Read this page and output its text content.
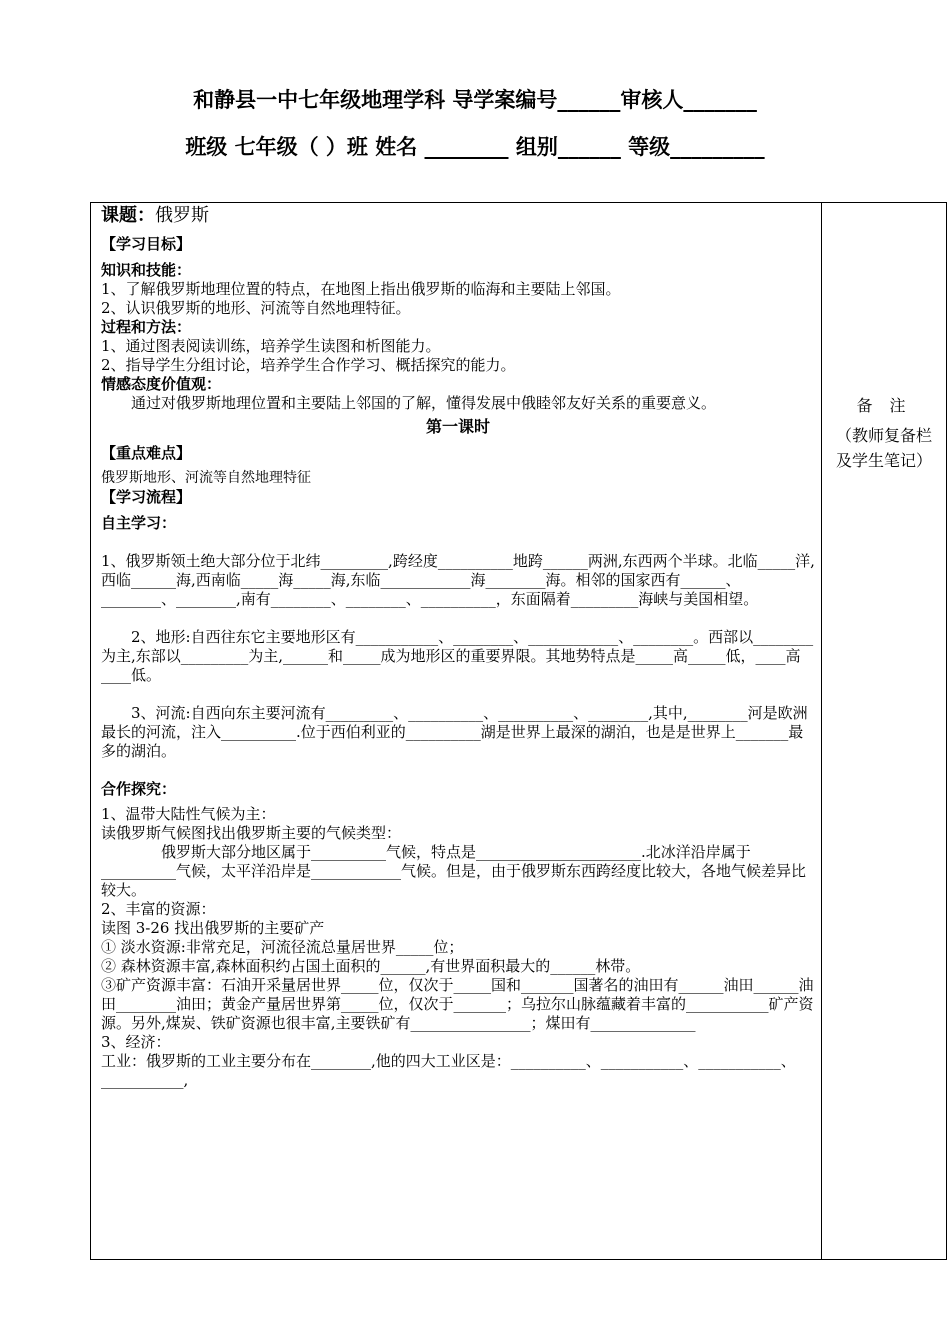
和静县一中七年级地理学科 导学案编号______审核人_______
班级 七年级（ ）班 姓名 ________ 组别______ 等级_________

课题：俄罗斯

【学习目标】

知识和技能：

1、了解俄罗斯地理位置的特点，在地图上指出俄罗斯的临海和主要陆上邻国。

2、认识俄罗斯的地形、河流等自然地理特征。

过程和方法：

1、通过图表阅读训练，培养学生读图和析图能力。

2、指导学生分组讨论，培养学生合作学习、概括探究的能力。

情感态度价值观：

通过对俄罗斯地理位置和主要陆上邻国的了解，懂得发展中俄睦邻友好关系的重要意义。

第一课时

【重点难点】

俄罗斯地形、河流等自然地理特征

【学习流程】

自主学习：

1、俄罗斯领土绝大部分位于北纬_________,跨经度__________地跨______两洲,东西两个半球。北临_____洋,西临______海,西南临_____海_____海,东临____________海________海。相邻的国家西有______、________、________,南有________、________、__________，东面隔着_________海峡与美国相望。

2、地形:自西往东它主要地形区有___________、________、____________、________。西部以________为主,东部以_________为主,______和_____成为地形区的重要界限。其地势特点是_____高_____低，____高____低。

3、河流:自西向东主要河流有_________、__________、__________、________,其中,________河是欧洲最长的河流，注入__________.位于西伯利亚的__________湖是世界上最深的湖泊，也是是世界上_______最多的湖泊。

合作探究：

1、温带大陆性气候为主：

读俄罗斯气候图找出俄罗斯主要的气候类型：

俄罗斯大部分地区属于__________气候，特点是______________________.北冰洋沿岸属于__________气候，太平洋沿岸是____________气候。但是，由于俄罗斯东西跨经度比较大，各地气候差异比较大。

2、丰富的资源：

读图 3-26 找出俄罗斯的主要矿产

① 淡水资源:非常充足，河流径流总量居世界_____位；

② 森林资源丰富,森林面积约占国土面积的______,有世界面积最大的______林带。

③矿产资源丰富：石油开采量居世界_____位，仅次于_____国和_______国著名的油田有______油田______油田________油田；黄金产量居世界第_____位，仅次于_______；乌拉尔山脉蕴藏着丰富的___________矿产资源。另外,煤炭、铁矿资源也很丰富,主要铁矿有________________；煤田有______________

3、经济：

工业：俄罗斯的工业主要分布在________,他的四大工业区是：__________、___________、___________、___________,

备 注
（教师复备栏
及学生笔记）
